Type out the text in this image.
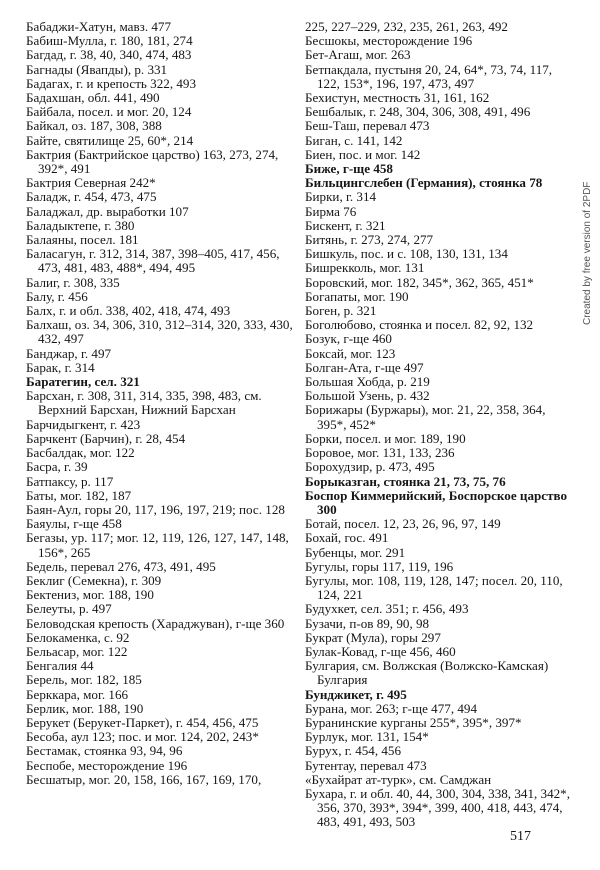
Бабаджи-Хатун, мавз. 477

Бабиш-Мулла, г. 180, 181, 274

Багдад, г. 38, 40, 340, 474, 483

Багнады (Явапды), р. 331

Бадагах, г. и крепость 322, 493

Бадахшан, обл. 441, 490

Байбала, посел. и мог. 20, 124

Байкал, оз. 187, 308, 388

Байте, святилище 25, 60*, 214

Бактрия (Бактрийское царство) 163, 273, 274, 392*, 491

Бактрия Северная 242*

Баладж, г. 454, 473, 475

Баладжал, др. выработки 107

Баладыктепе, г. 380

Балаяны, посел. 181

Баласагун, г. 312, 314, 387, 398–405, 417, 456, 473, 481, 483, 488*, 494, 495

Балиг, г. 308, 335

Балу, г. 456

Балх, г. и обл. 338, 402, 418, 474, 493

Балхаш, оз. 34, 306, 310, 312–314, 320, 333, 430, 432, 497

Банджар, г. 497

Барак, г. 314

Баратегин, сел. 321

Барсхан, г. 308, 311, 314, 335, 398, 483, см. Верхний Барсхан, Нижний Барсхан

Барчидыгкент, г. 423

Барчкент (Барчин), г. 28, 454

Басбалдак, мог. 122

Басра, г. 39

Батпаксу, р. 117

Баты, мог. 182, 187

Баян-Аул, горы 20, 117, 196, 197, 219; пос. 128

Баяулы, г-ще 458

Бегазы, ур. 117; мог. 12, 119, 126, 127, 147, 148, 156*, 265

Бедель, перевал 276, 473, 491, 495

Беклиг (Семекна), г. 309

Бектениз, мог. 188, 190

Белеуты, р. 497

Беловодская крепость (Хараджуван), г-ще 360

Белокаменка, с. 92

Бельасар, мог. 122

Бенгалия 44

Берель, мог. 182, 185

Берккара, мог. 166

Берлик, мог. 188, 190

Берукет (Берукет-Паркет), г. 454, 456, 475

Бесоба, аул 123; пос. и мог. 124, 202, 243*

Бестамак, стоянка 93, 94, 96

Беспобе, месторождение 196

Бесшатыр, мог. 20, 158, 166, 167, 169, 170,

225, 227–229, 232, 235, 261, 263, 492

Бесшокы, месторождение 196

Бет-Агаш, мог. 263

Бетпакдала, пустыня 20, 24, 64*, 73, 74, 117, 122, 153*, 196, 197, 473, 497

Бехистун, местность 31, 161, 162

Бешбалык, г. 248, 304, 306, 308, 491, 496

Беш-Таш, перевал 473

Биган, с. 141, 142

Биен, пос. и мог. 142

Биже, г-ще 458

Бильцингслебен (Германия), стоянка 78

Бирки, г. 314

Бирма 76

Бискент, г. 321

Битянь, г. 273, 274, 277

Бишкуль, пос. и с. 108, 130, 131, 134

Бишрекколь, мог. 131

Боровский, мог. 182, 345*, 362, 365, 451*

Богапаты, мог. 190

Боген, р. 321

Боголюбово, стоянка и посел. 82, 92, 132

Бозук, г-ще 460

Боксай, мог. 123

Болган-Ата, г-ще 497

Большая Хобда, р. 219

Большой Узень, р. 432

Борижары (Буржары), мог. 21, 22, 358, 364, 395*, 452*

Борки, посел. и мог. 189, 190

Боровое, мог. 131, 133, 236

Борохудзир, р. 473, 495

Борыказган, стоянка 21, 73, 75, 76

Боспор Киммерийский, Боспорское царство 300

Ботай, посел. 12, 23, 26, 96, 97, 149

Бохай, гос. 491

Бубенцы, мог. 291

Бугулы, горы 117, 119, 196

Бугулы, мог. 108, 119, 128, 147; посел. 20, 110, 124, 221

Будухкет, сел. 351; г. 456, 493

Бузачи, п-ов 89, 90, 98

Букрат (Мула), горы 297

Булак-Ковад, г-ще 456, 460

Булгария, см. Волжская (Волжско-Камская) Булгария

Бунджикет, г. 495

Бурана, мог. 263; г-ще 477, 494

Буранинские курганы 255*, 395*, 397*

Бурлук, мог. 131, 154*

Бурух, г. 454, 456

Бутентау, перевал 473

«Бухайрат ат-турк», см. Самджан

Бухара, г. и обл. 40, 44, 300, 304, 338, 341, 342*, 356, 370, 393*, 394*, 399, 400, 418, 443, 474, 483, 491, 493, 503

517
Created by free version of 2PDF
